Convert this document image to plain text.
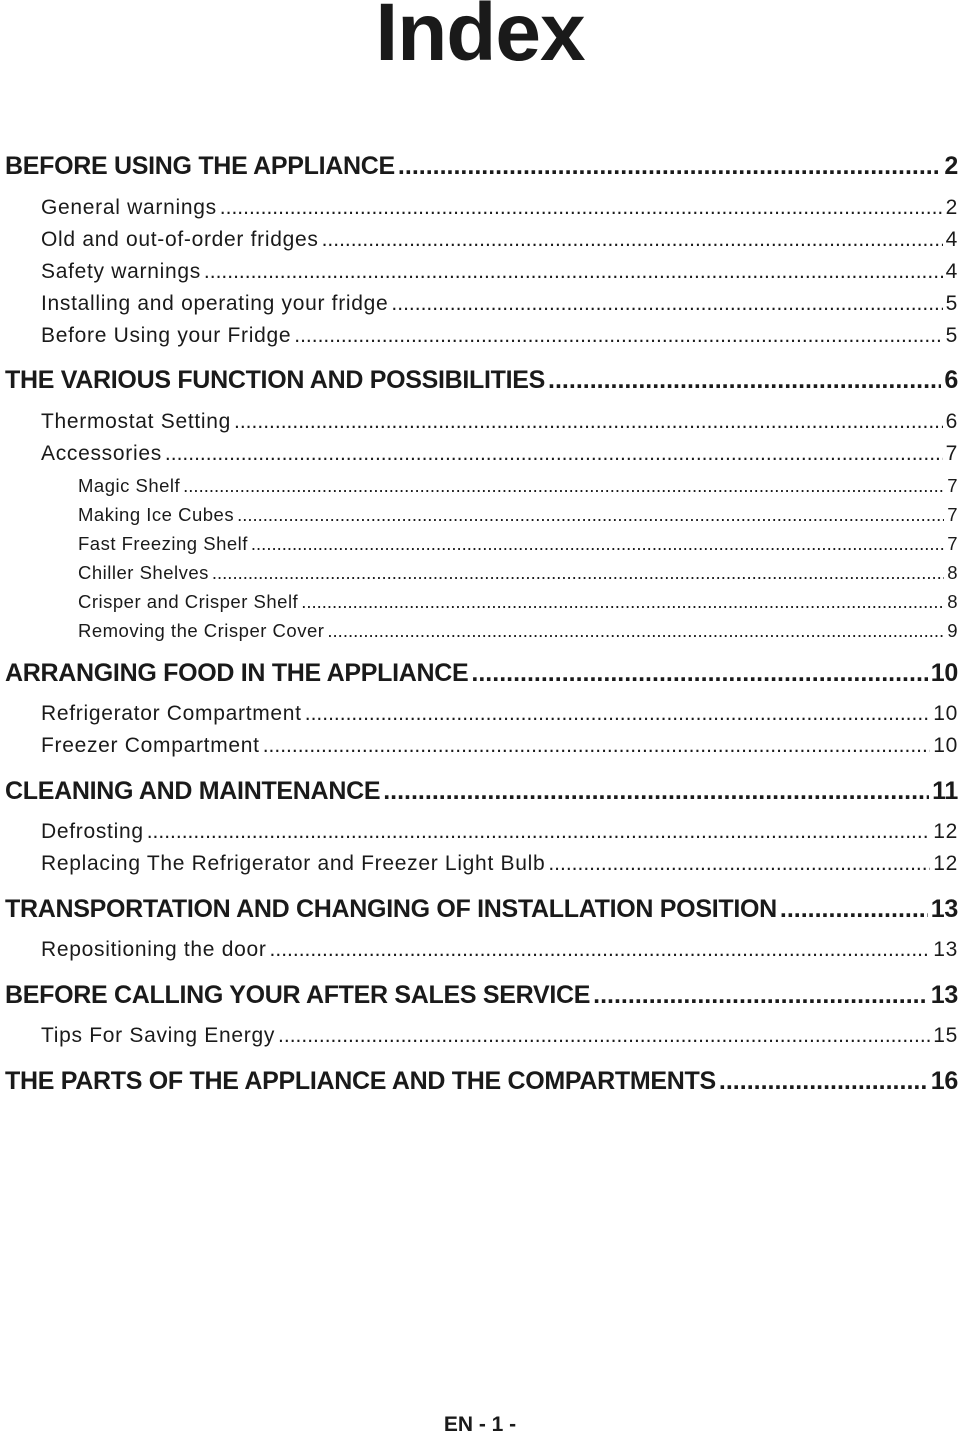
Index
BEFORE USING THE APPLIANCE .....	2
General warnings .....	2
Old and out-of-order fridges .....	4
Safety warnings .....	4
Installing and operating your fridge .....	5
Before Using your Fridge .....	5
THE VARIOUS FUNCTION AND POSSIBILITIES .....	6
Thermostat Setting .....	6
Accessories .....	7
Magic Shelf .....	7
Making Ice Cubes .....	7
Fast Freezing Shelf .....	7
Chiller Shelves .....	8
Crisper and Crisper Shelf .....	8
Removing the Crisper Cover .....	9
ARRANGING FOOD IN THE APPLIANCE .....	10
Refrigerator Compartment .....	10
Freezer Compartment .....	10
CLEANING AND MAINTENANCE .....	11
Defrosting .....	12
Replacing The Refrigerator and Freezer Light Bulb .....	12
TRANSPORTATION AND CHANGING OF INSTALLATION POSITION .....	13
Repositioning the door .....	13
BEFORE CALLING YOUR AFTER SALES SERVICE .....	13
Tips For Saving Energy .....	15
THE PARTS OF THE APPLIANCE AND THE COMPARTMENTS .....	16
EN - 1 -
